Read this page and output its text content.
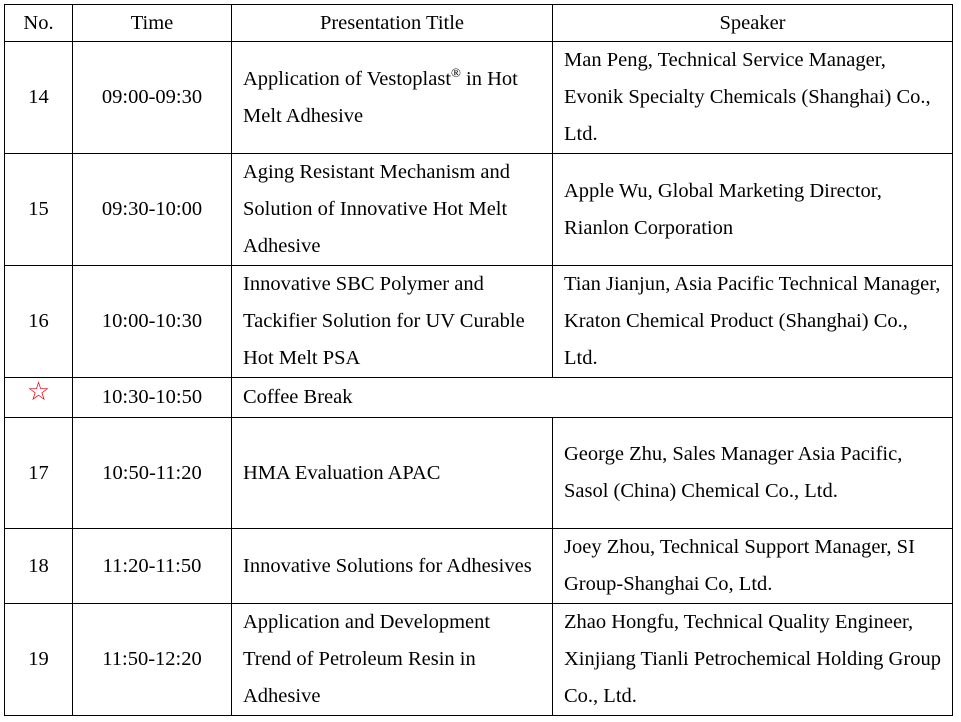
No.	Time	Presentation Title	Speaker
14	09:00-09:30	Application of Vestoplast® in Hot Melt Adhesive	Man Peng, Technical Service Manager, Evonik Specialty Chemicals (Shanghai) Co., Ltd.
15	09:30-10:00	Aging Resistant Mechanism and Solution of Innovative Hot Melt Adhesive	Apple Wu, Global Marketing Director, Rianlon Corporation
16	10:00-10:30	Innovative SBC Polymer and Tackifier Solution for UV Curable Hot Melt PSA	Tian Jianjun, Asia Pacific Technical Manager, Kraton Chemical Product (Shanghai) Co., Ltd.
☆	10:30-10:50	Coffee Break	
17	10:50-11:20	HMA Evaluation APAC	George Zhu, Sales Manager Asia Pacific, Sasol (China) Chemical Co., Ltd.
18	11:20-11:50	Innovative Solutions for Adhesives	Joey Zhou, Technical Support Manager, SI Group-Shanghai Co, Ltd.
19	11:50-12:20	Application and Development Trend of Petroleum Resin in Adhesive	Zhao Hongfu, Technical Quality Engineer, Xinjiang Tianli Petrochemical Holding Group Co., Ltd.
